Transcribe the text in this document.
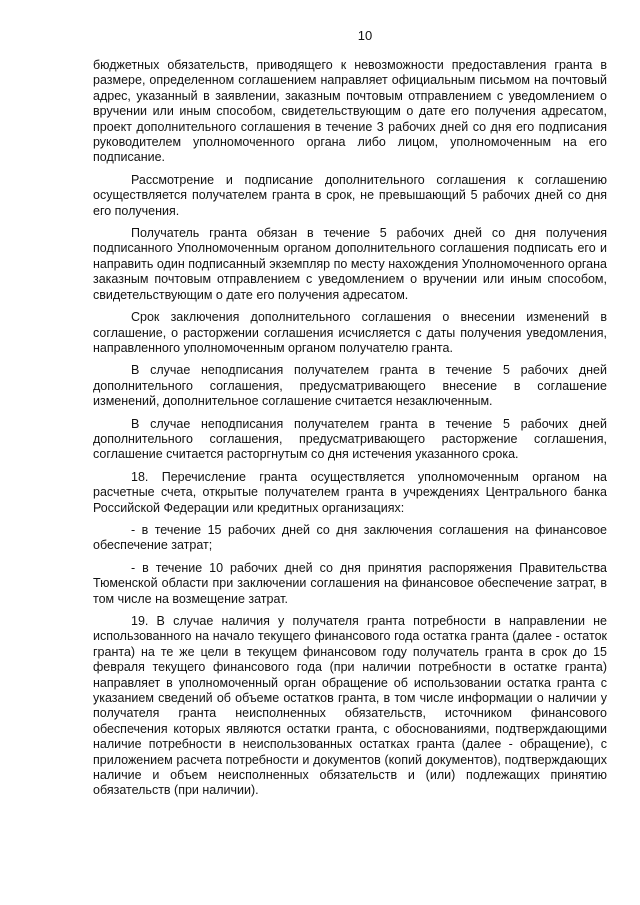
10

бюджетных обязательств, приводящего к невозможности предоставления гранта в размере, определенном соглашением направляет официальным письмом на почтовый адрес, указанный в заявлении, заказным почтовым отправлением с уведомлением о вручении или иным способом, свидетельствующим о дате его получения адресатом, проект дополнительного соглашения в течение 3 рабочих дней со дня его подписания руководителем уполномоченного органа либо лицом, уполномоченным на его подписание.

Рассмотрение и подписание дополнительного соглашения к соглашению осуществляется получателем гранта в срок, не превышающий 5 рабочих дней со дня его получения.

Получатель гранта обязан в течение 5 рабочих дней со дня получения подписанного Уполномоченным органом дополнительного соглашения подписать его и направить один подписанный экземпляр по месту нахождения Уполномоченного органа заказным почтовым отправлением с уведомлением о вручении или иным способом, свидетельствующим о дате его получения адресатом.

Срок заключения дополнительного соглашения о внесении изменений в соглашение, о расторжении соглашения исчисляется с даты получения уведомления, направленного уполномоченным органом получателю гранта.

В случае неподписания получателем гранта в течение 5 рабочих дней дополнительного соглашения, предусматривающего внесение в соглашение изменений, дополнительное соглашение считается незаключенным.

В случае неподписания получателем гранта в течение 5 рабочих дней дополнительного соглашения, предусматривающего расторжение соглашения, соглашение считается расторгнутым со дня истечения указанного срока.

18. Перечисление гранта осуществляется уполномоченным органом на расчетные счета, открытые получателем гранта в учреждениях Центрального банка Российской Федерации или кредитных организациях:

- в течение 15 рабочих дней со дня заключения соглашения на финансовое обеспечение затрат;

- в течение 10 рабочих дней со дня принятия распоряжения Правительства Тюменской области при заключении соглашения на финансовое обеспечение затрат, в том числе на возмещение затрат.

19. В случае наличия у получателя гранта потребности в направлении не использованного на начало текущего финансового года остатка гранта (далее - остаток гранта) на те же цели в текущем финансовом году получатель гранта в срок до 15 февраля текущего финансового года (при наличии потребности в остатке гранта) направляет в уполномоченный орган обращение об использовании остатка гранта с указанием сведений об объеме остатков гранта, в том числе информации о наличии у получателя гранта неисполненных обязательств, источником финансового обеспечения которых являются остатки гранта, с обоснованиями, подтверждающими наличие потребности в неиспользованных остатках гранта (далее - обращение), с приложением расчета потребности и документов (копий документов), подтверждающих наличие и объем неисполненных обязательств и (или) подлежащих принятию обязательств (при наличии).
